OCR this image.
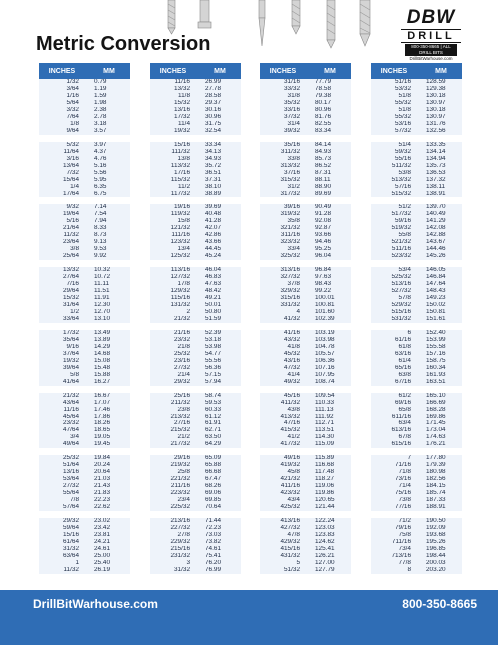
Metric Conversion
DBW
DRILL
800-350-8665 | ALL DRILL BITS
DrillBitWarhouse.com
INCHES	MM
1/32	0.79
3/64	1.19
1/16	1.59
5/64	1.98
3/32	2.38
7/64	2.78
1/8	3.18
9/64	3.57

5/32	3.97
11/64	4.37
3/16	4.76
13/64	5.16
7/32	5.56
15/64	5.95
1/4	6.35
17/64	6.75

9/32	7.14
19/64	7.54
5/16	7.94
21/64	8.33
11/32	8.73
23/64	9.13
3/8	9.53
25/64	9.92

13/32	10.32
27/64	10.72
7/16	11.11
29/64	11.51
15/32	11.91
31/64	12.30
1/2	12.70
33/64	13.10

17/32	13.49
35/64	13.89
9/16	14.29
37/64	14.68
19/32	15.08
39/64	15.48
5/8	15.88
41/64	16.27

21/32	16.67
43/64	17.07
11/16	17.46
45/64	17.86
23/32	18.26
47/64	18.65
3/4	19.05
49/64	19.45

25/32	19.84
51/64	20.24
13/16	20.64
53/64	21.03
27/32	21.43
55/64	21.83
7/8	22.23
57/64	22.62

29/32	23.02
59/64	23.42
15/16	23.81
61/64	24.21
31/32	24.61
63/64	25.00
1	25.40
11/32	26.19
INCHES	MM
11/16	26.99
13/32	27.78
11/8	28.58
15/32	29.37
13/16	30.16
17/32	30.96
11/4	31.75
19/32	32.54

15/16	33.34
111/32	34.13
13/8	34.93
113/32	35.72
17/16	36.51
115/32	37.31
11/2	38.10
117/32	38.89

19/16	39.69
119/32	40.48
15/8	41.28
121/32	42.07
111/16	42.86
123/32	43.66
13/4	44.45
125/32	45.24

113/16	46.04
127/32	46.83
17/8	47.63
129/32	48.42
115/16	49.21
131/32	50.01
2	50.80
21/32	51.59

21/16	52.39
23/32	53.18
21/8	53.98
25/32	54.77
23/16	55.56
27/32	56.36
21/4	57.15
29/32	57.94

25/16	58.74
211/32	59.53
23/8	60.33
213/32	61.12
27/16	61.91
215/32	62.71
21/2	63.50
217/32	64.29

29/16	65.09
219/32	65.88
25/8	66.68
221/32	67.47
211/16	68.26
223/32	69.06
23/4	69.85
225/32	70.64

213/16	71.44
227/32	72.23
27/8	73.03
229/32	73.82
215/16	74.61
231/32	75.41
3	76.20
31/32	76.99
INCHES	MM
31/16	77.79
33/32	78.58
31/8	79.38
35/32	80.17
33/16	80.96
37/32	81.76
31/4	82.55
39/32	83.34

35/16	84.14
311/32	84.93
33/8	85.73
313/32	86.52
37/16	87.31
315/32	88.11
31/2	88.90
317/32	89.69

39/16	90.49
319/32	91.28
35/8	92.08
321/32	92.87
311/16	93.66
323/32	94.46
33/4	95.25
325/32	96.04

313/16	96.84
327/32	97.63
37/8	98.43
329/32	99.22
315/16	100.01
331/32	100.81
4	101.60
41/32	102.39

41/16	103.19
43/32	103.98
41/8	104.78
45/32	105.57
43/16	106.36
47/32	107.16
41/4	107.95
49/32	108.74

45/16	109.54
411/32	110.33
43/8	111.13
413/32	111.92
47/16	112.71
415/32	113.51
41/2	114.30
417/32	115.09

49/16	115.89
419/32	116.68
45/8	117.48
421/32	118.27
411/16	119.06
423/32	119.86
43/4	120.65
425/32	121.44

413/16	122.24
427/32	123.03
47/8	123.83
429/32	124.62
415/16	125.41
431/32	126.21
5	127.00
51/32	127.79
INCHES	MM
51/16	128.59
53/32	129.38
51/8	130.18
55/32	130.97
51/8	130.18
55/32	130.97
53/16	131.76
57/32	132.56

51/4	133.35
59/32	134.14
55/16	134.94
511/32	135.73
53/8	136.53
513/32	137.32
57/16	138.11
515/32	138.91

51/2	139.70
517/32	140.49
59/16	141.29
519/32	142.08
55/8	142.88
521/32	143.67
511/16	144.46
523/32	145.26

53/4	146.05
525/32	146.84
513/16	147.64
527/32	148.43
57/8	149.23
529/32	150.02
515/16	150.81
531/32	151.61

6	152.40
61/16	153.99
61/8	155.58
63/16	157.16
61/4	158.75
65/16	160.34
63/8	161.93
67/16	163.51

61/2	165.10
69/16	166.69
65/8	168.28
611/16	169.86
63/4	171.45
613/16	173.04
67/8	174.63
615/16	176.21

7	177.80
71/16	179.39
71/8	180.98
73/16	182.56
71/4	184.15
75/16	185.74
73/8	187.33
77/16	188.91

71/2	190.50
79/16	192.09
75/8	193.68
711/16	195.26
73/4	196.85
713/16	198.44
77/8	200.03
8	203.20
DrillBitWarhouse.com	800-350-8665
